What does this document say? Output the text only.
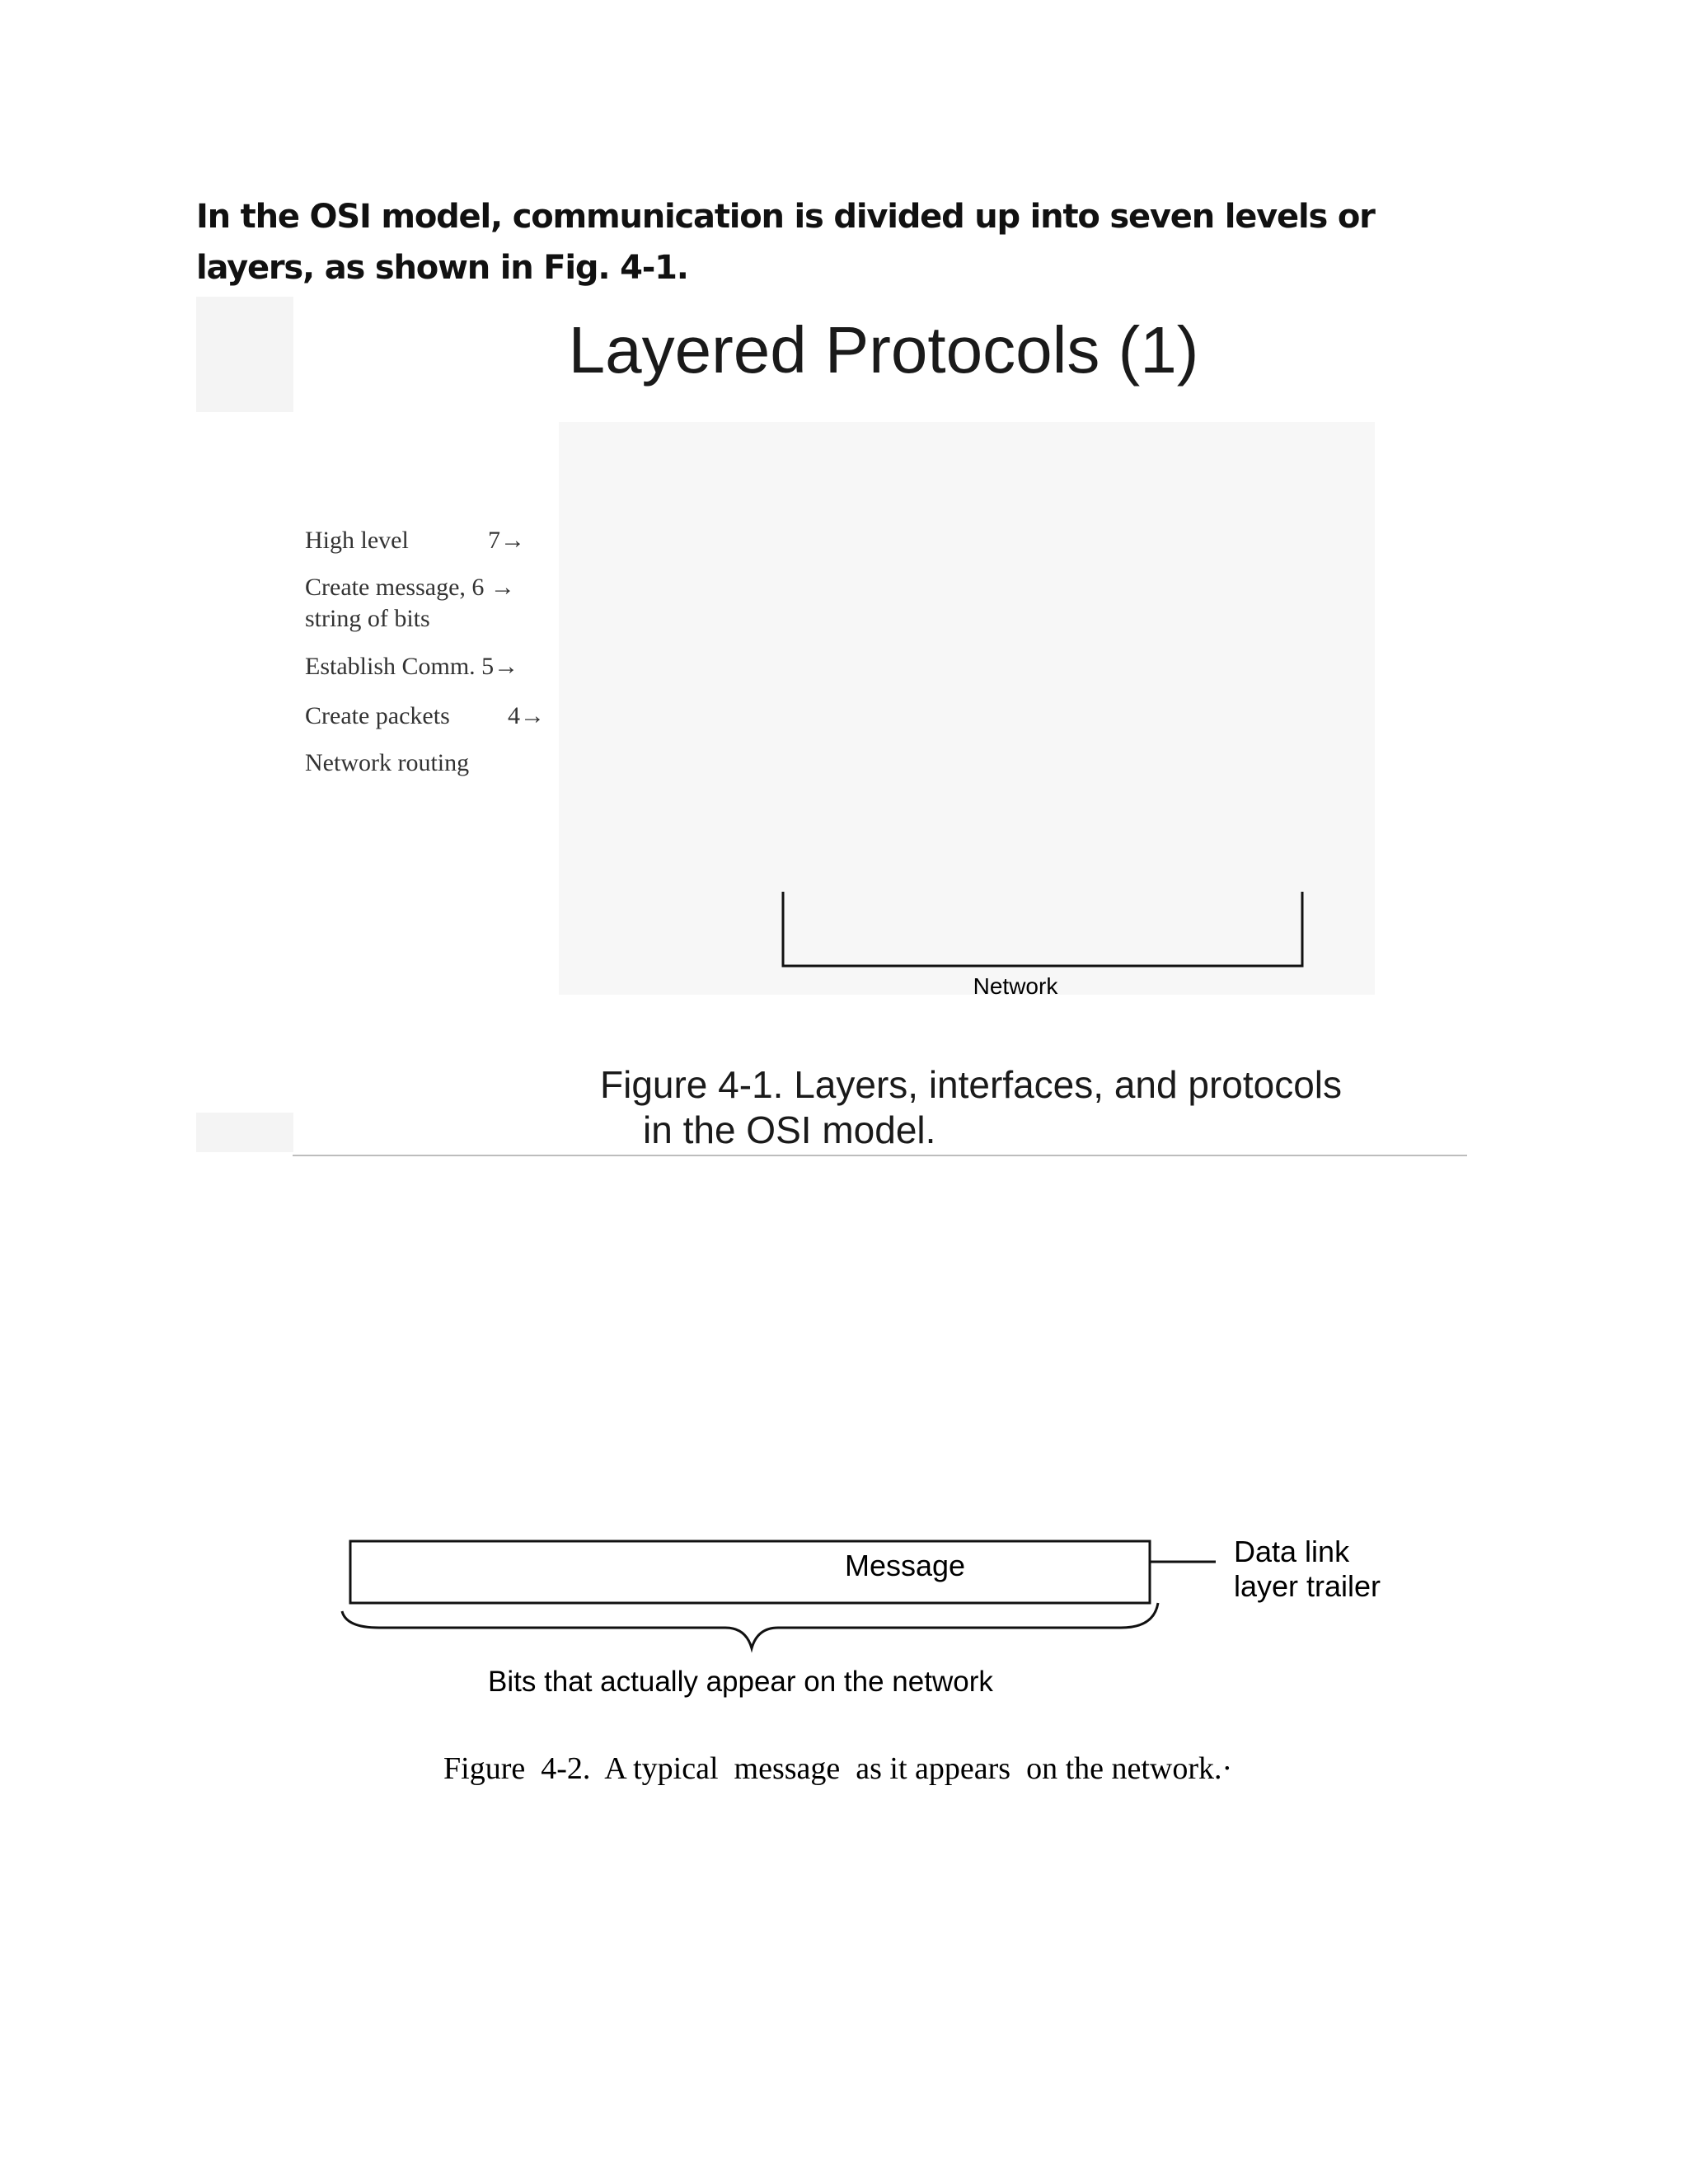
In the OSI model, communication is divided up into seven levels or layers, as shown in Fig. 4-1.

Layered Protocols (1)
High level	7→
Create message, 6 →
string of bits
Establish Comm. 5→
Create packets 4→
Network routing
Network
Figure 4-1. Layers, interfaces, and protocols
in the OSI model.
Message	Data link
layer trailer
Bits that actually appear on the network
Figure  4-2.  A typical  message  as it appears  on the network.·
